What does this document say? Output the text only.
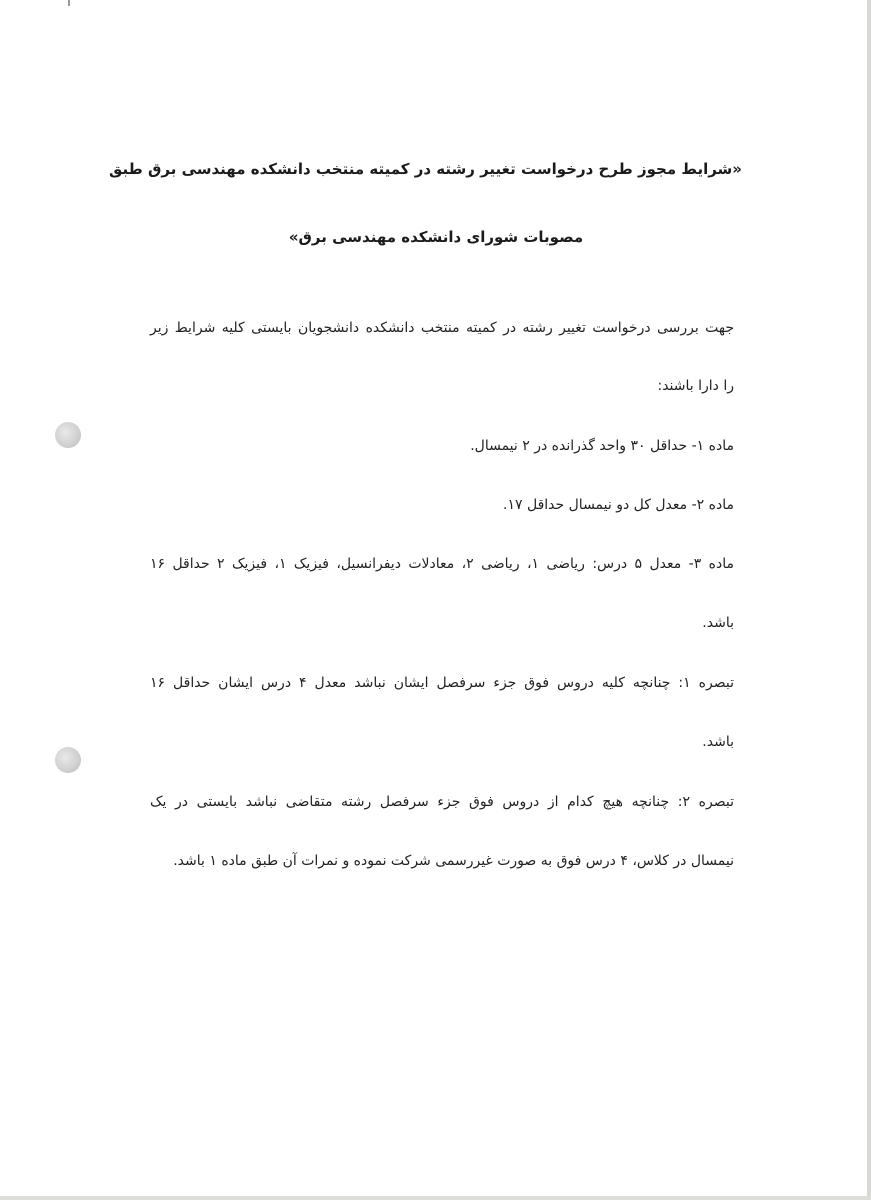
«شرایط مجوز طرح درخواست تغییر رشته در کمیته منتخب دانشکده مهندسی برق طبق
مصوبات شورای دانشکده مهندسی برق»
جهت بررسی درخواست تغییر رشته در کمیته منتخب دانشکده دانشجویان بایستی کلیه شرایط زیر
را دارا باشند:
ماده ۱- حداقل ۳۰ واحد گذرانده در ۲ نیمسال.
ماده ۲- معدل کل دو نیمسال حداقل ۱۷.
ماده ۳- معدل ۵ درس: ریاضی ۱، ریاضی ۲، معادلات دیفرانسیل، فیزیک ۱، فیزیک ۲ حداقل ۱۶
باشد.
تبصره ۱: چنانچه کلیه دروس فوق جزء سرفصل ایشان نباشد معدل ۴ درس ایشان حداقل ۱۶
باشد.
تبصره ۲: چنانچه هیچ کدام از دروس فوق جزء سرفصل رشته متقاضی نباشد بایستی در یک
نیمسال در کلاس، ۴ درس فوق به صورت غیررسمی شرکت نموده و نمرات آن طبق ماده ۱ باشد.
